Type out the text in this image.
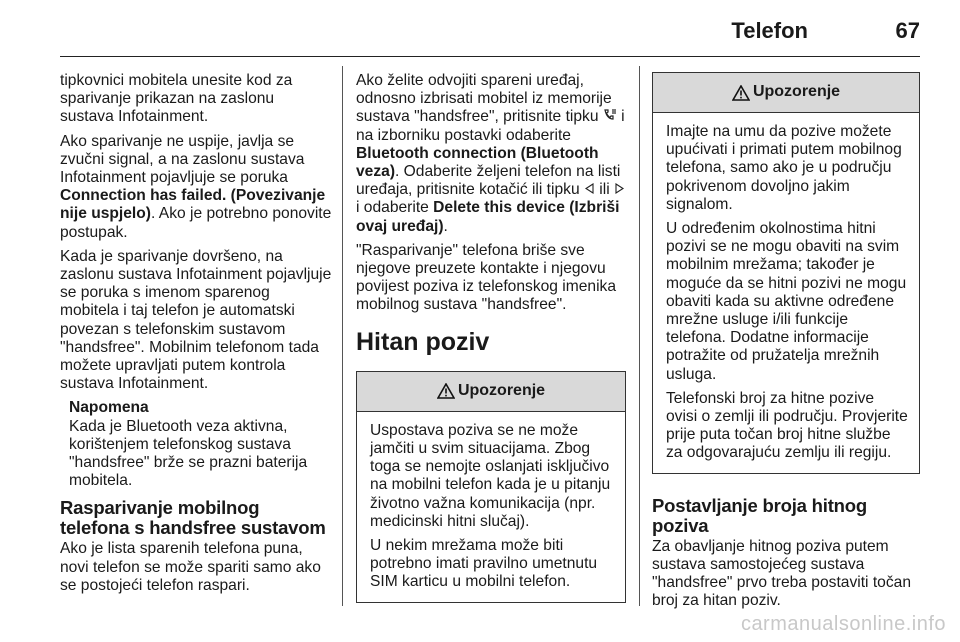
Telefon	67

tipkovnici mobitela unesite kod za sparivanje prikazan na zaslonu sustava Infotainment.

Ako sparivanje ne uspije, javlja se zvučni signal, a na zaslonu sustava Infotainment pojavljuje se poruka Connection has failed. (Povezivanje nije uspjelo). Ako je potrebno ponovite postupak.

Kada je sparivanje dovršeno, na zaslonu sustava Infotainment pojavljuje se poruka s imenom sparenog mobitela i taj telefon je automatski povezan s telefonskim sustavom "handsfree". Mobilnim telefonom tada možete upravljati putem kontrola sustava Infotainment.

Napomena
Kada je Bluetooth veza aktivna, korištenjem telefonskog sustava "handsfree" brže se prazni baterija mobitela.
Rasparivanje mobilnog telefona s handsfree sustavom

Ako je lista sparenih telefona puna, novi telefon se može spariti samo ako se postojeći telefon raspari.

Ako želite odvojiti spareni uređaj, odnosno izbrisati mobitel iz memorije sustava "handsfree", pritisnite tipku  i na izborniku postavki odaberite Bluetooth connection (Bluetooth veza). Odaberite željeni telefon na listi uređaja, pritisnite kotačić ili tipku  ili  i odaberite Delete this device (Izbriši ovaj uređaj).

"Rasparivanje" telefona briše sve njegove preuzete kontakte i njegovu povijest poziva iz telefonskog imenika mobilnog sustava "handsfree".

Hitan poziv
Upozorenje

Uspostava poziva se ne može jamčiti u svim situacijama. Zbog toga se nemojte oslanjati isključivo na mobilni telefon kada je u pitanju životno važna komunikacija (npr. medicinski hitni slučaj).

U nekim mrežama može biti potrebno imati pravilno umetnutu SIM karticu u mobilni telefon.

Upozorenje

Imajte na umu da pozive možete upućivati i primati putem mobilnog telefona, samo ako je u području pokrivenom dovoljno jakim signalom.

U određenim okolnostima hitni pozivi se ne mogu obaviti na svim mobilnim mrežama; također je moguće da se hitni pozivi ne mogu obaviti kada su aktivne određene mrežne usluge i/ili funkcije telefona. Dodatne informacije potražite od pružatelja mrežnih usluga.

Telefonski broj za hitne pozive ovisi o zemlji ili području. Provjerite prije puta točan broj hitne službe za odgovarajuću zemlju ili regiju.

Postavljanje broja hitnog poziva

Za obavljanje hitnog poziva putem sustava samostojećeg sustava "handsfree" prvo treba postaviti točan broj za hitan poziv.

carmanualsonline.info
